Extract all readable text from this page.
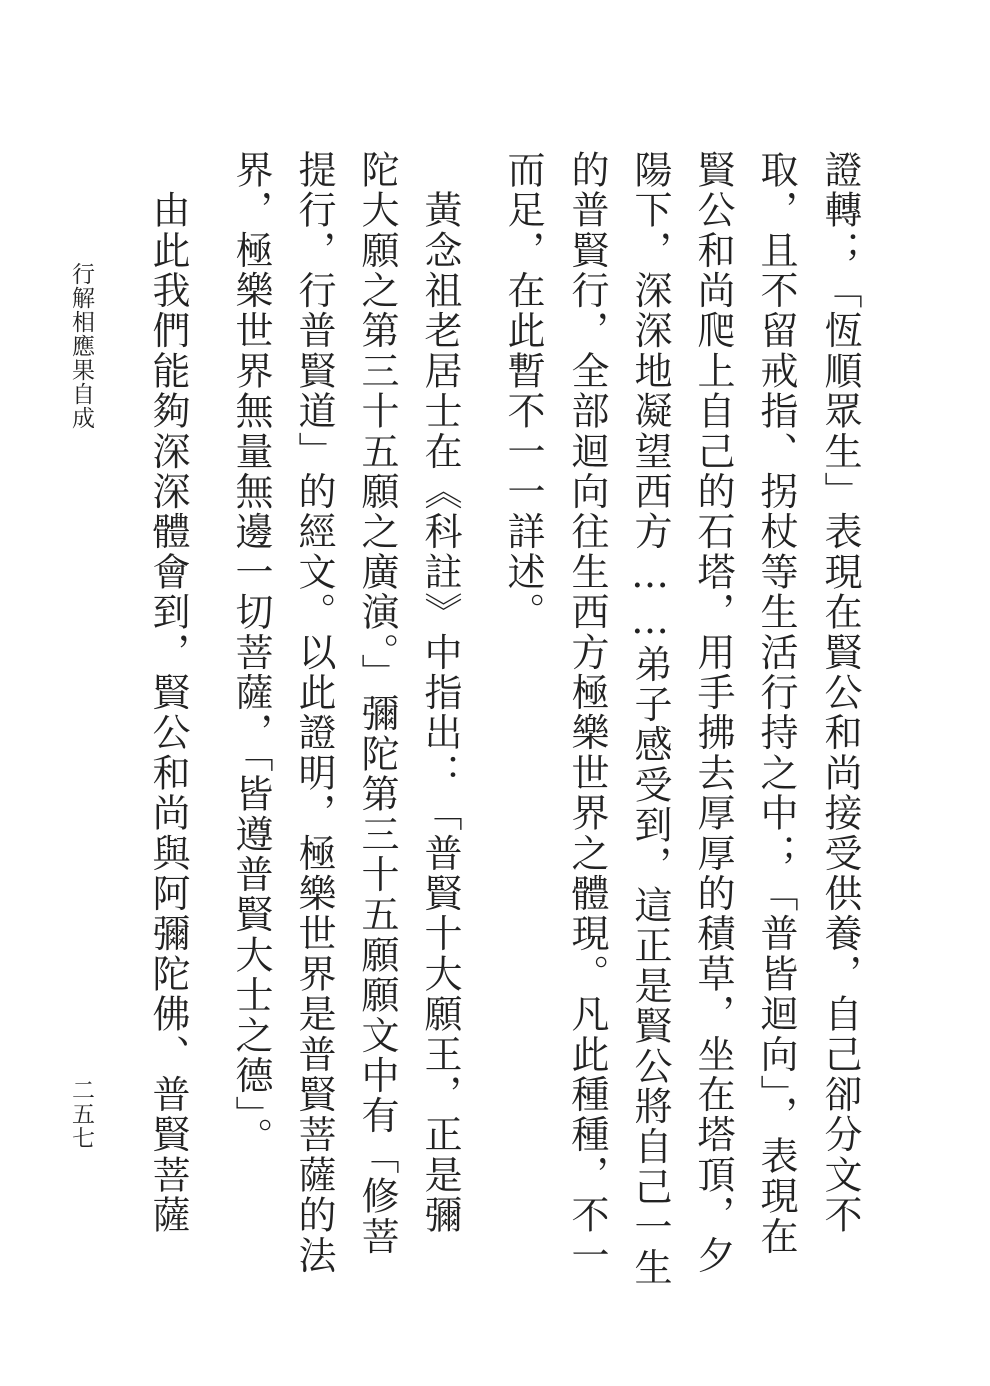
行解相應果自成
二五七	證轉；「恆順眾生」表現在賢公和尚接受供養，自己卻分文不
取，且不留戒指、拐杖等生活行持之中；「普皆迴向」，表現在
賢公和尚爬上自己的石塔，用手拂去厚厚的積草，坐在塔頂，夕
陽下，深深地凝望西方……弟子感受到，這正是賢公將自己一生
的普賢行，全部迴向往生西方極樂世界之體現。凡此種種，不一
而足，在此暫不一一詳述。
　黃念祖老居士在《科註》中指出：「普賢十大願王，正是彌
陀大願之第三十五願之廣演。」彌陀第三十五願願文中有「修菩
提行，行普賢道」的經文。以此證明，極樂世界是普賢菩薩的法
界，極樂世界無量無邊一切菩薩，「皆遵普賢大士之德」。
　由此我們能夠深深體會到，賢公和尚與阿彌陀佛、普賢菩薩
